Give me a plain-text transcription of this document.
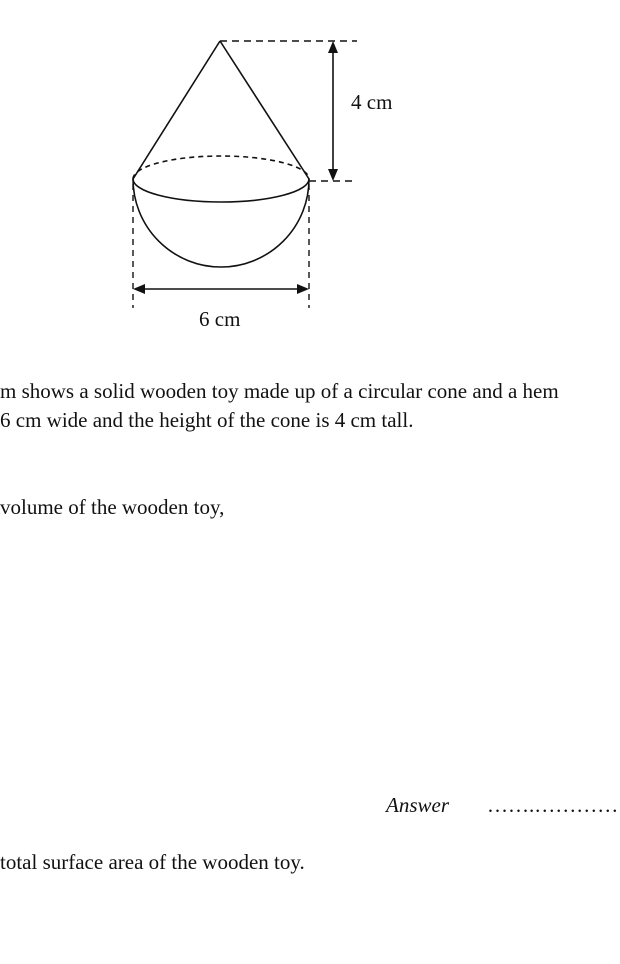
4 cm
6 cm
m shows a solid wooden toy made up of a circular cone and a hem
6 cm wide and the height of the cone is 4 cm tall.
volume of the wooden toy,
Answer …….…………
total surface area of the wooden toy.
